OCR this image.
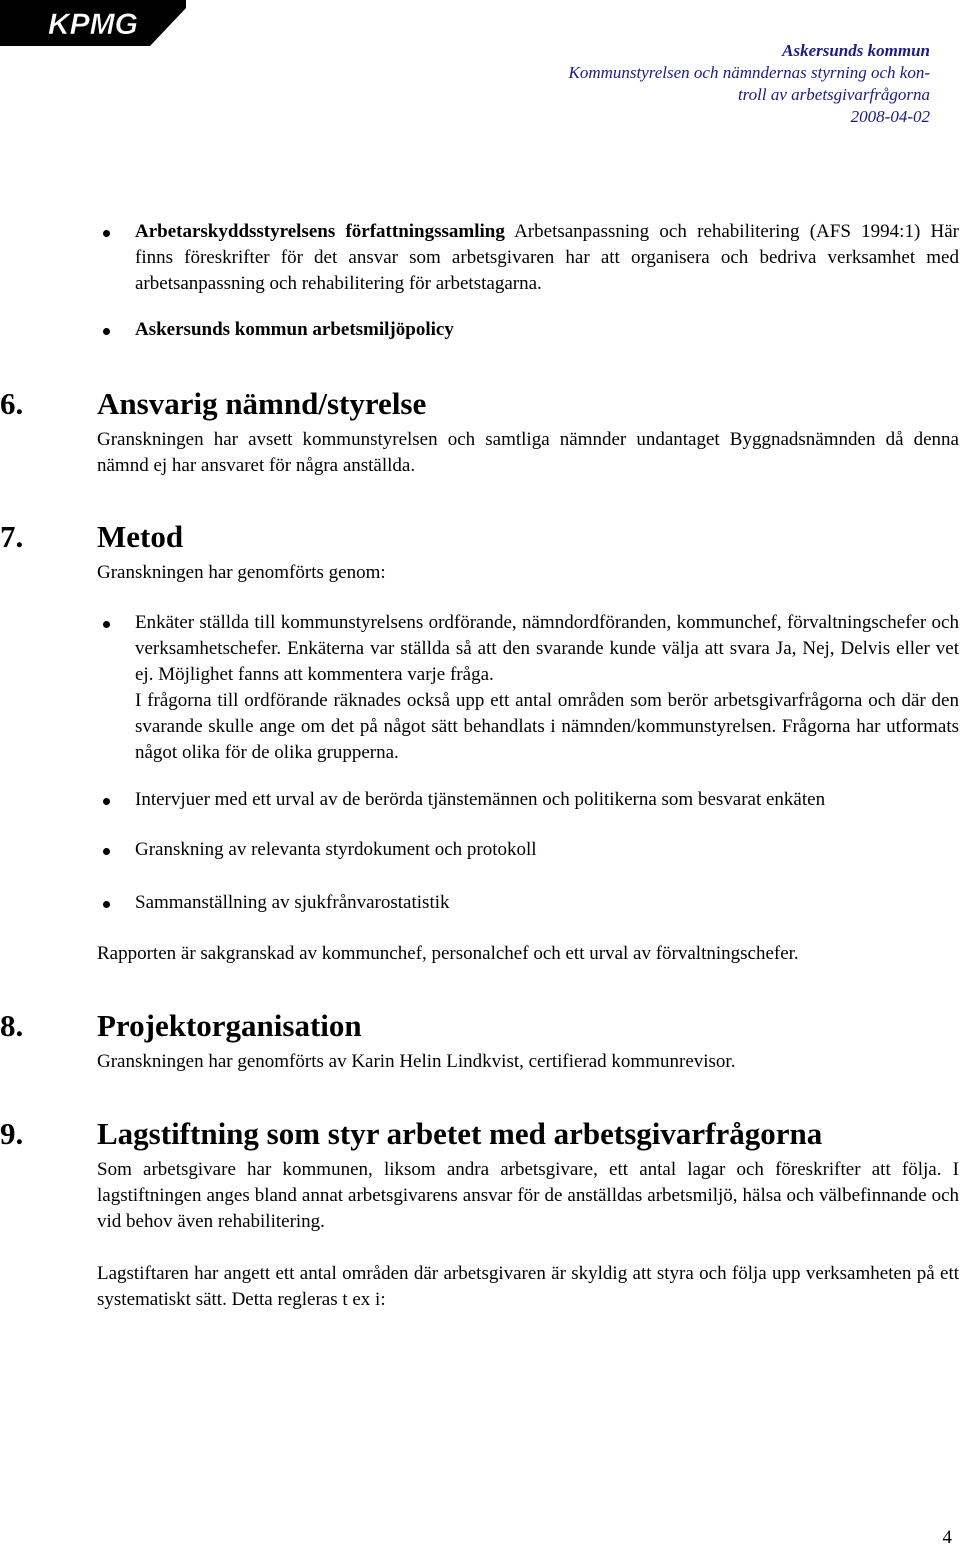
KPMG
Askersunds kommun
Kommunstyrelsen och nämndernas styrning och kon-
troll av arbetsgivarfrågorna
2008-04-02
Arbetarskyddsstyrelsens författningssamling Arbetsanpassning och rehabilitering (AFS 1994:1) Här finns föreskrifter för det ansvar som arbetsgivaren har att organisera och bedriva verksamhet med arbetsanpassning och rehabilitering för arbetstagarna.
Askersunds kommun arbetsmiljöpolicy
6.	Ansvarig nämnd/styrelse

Granskningen har avsett kommunstyrelsen och samtliga nämnder undantaget Byggnadsnämnden då denna nämnd ej har ansvaret för några anställda.

7.	Metod

Granskningen har genomförts genom:

Enkäter ställda till kommunstyrelsens ordförande, nämndordföranden, kommunchef, förvaltningschefer och verksamhetschefer. Enkäterna var ställda så att den svarande kunde välja att svara Ja, Nej, Delvis eller vet ej. Möjlighet fanns att kommentera varje fråga.
I frågorna till ordförande räknades också upp ett antal områden som berör arbetsgivarfrågorna och där den svarande skulle ange om det på något sätt behandlats i nämnden/kommunstyrelsen. Frågorna har utformats något olika för de olika grupperna.
Intervjuer med ett urval av de berörda tjänstemännen och politikerna som besvarat enkäten
Granskning av relevanta styrdokument och protokoll
Sammanställning av sjukfrånvarostatistik

Rapporten är sakgranskad av kommunchef, personalchef och ett urval av förvaltningschefer.

8.	Projektorganisation

Granskningen har genomförts av Karin Helin Lindkvist, certifierad kommunrevisor.

9.	Lagstiftning som styr arbetet med arbetsgivarfrågorna

Som arbetsgivare har kommunen, liksom andra arbetsgivare, ett antal lagar och föreskrifter att följa. I lagstiftningen anges bland annat arbetsgivarens ansvar för de anställdas arbetsmiljö, hälsa och välbefinnande och vid behov även rehabilitering.

Lagstiftaren har angett ett antal områden där arbetsgivaren är skyldig att styra och följa upp verksamheten på ett systematiskt sätt. Detta regleras t ex i:

4
